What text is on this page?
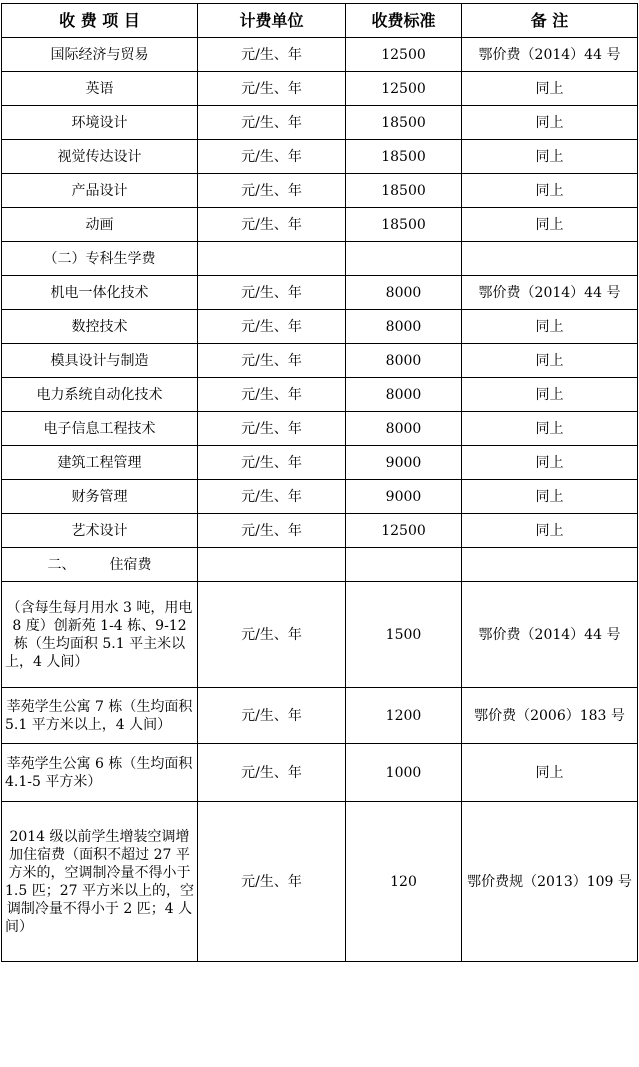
收 费 项 目	计费单位	收费标准	备 注
国际经济与贸易	元/生、年	12500	鄂价费（2014）44 号
英语	元/生、年	12500	同上
环境设计	元/生、年	18500	同上
视觉传达设计	元/生、年	18500	同上
产品设计	元/生、年	18500	同上
动画	元/生、年	18500	同上
（二）专科生学费			
机电一体化技术	元/生、年	8000	鄂价费（2014）44 号
数控技术	元/生、年	8000	同上
模具设计与制造	元/生、年	8000	同上
电力系统自动化技术	元/生、年	8000	同上
电子信息工程技术	元/生、年	8000	同上
建筑工程管理	元/生、年	9000	同上
财务管理	元/生、年	9000	同上
艺术设计	元/生、年	12500	同上
二、 住宿费			
（含每生每月用水 3 吨，用电 8 度）创新苑 1-4 栋、9-12 栋（生均面积 5.1 平主米以上，4 人间）	元/生、年	1500	鄂价费（2014）44 号
莘苑学生公寓 7 栋（生均面积 5.1 平方米以上，4 人间）	元/生、年	1200	鄂价费（2006）183 号
莘苑学生公寓 6 栋（生均面积 4.1-5 平方米）	元/生、年	1000	同上
2014 级以前学生增装空调增加住宿费（面积不超过 27 平方米的，空调制冷量不得小于 1.5 匹；27 平方米以上的，空调制冷量不得小于 2 匹；4 人间）	元/生、年	120	鄂价费规（2013）109 号
